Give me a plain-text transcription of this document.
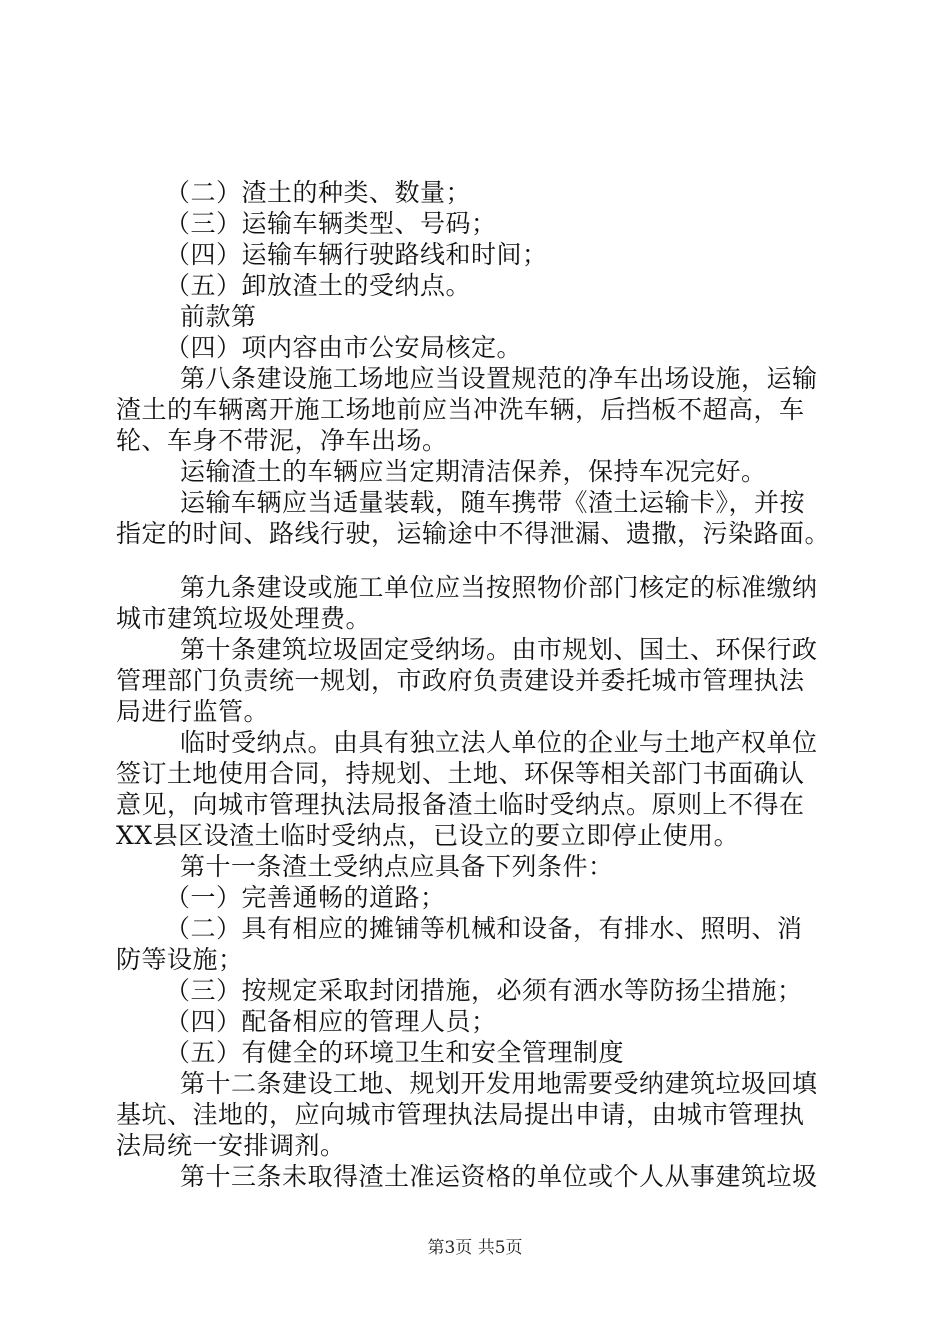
（二）渣土的种类、数量；
（三）运输车辆类型、号码；
（四）运输车辆行驶路线和时间；
（五）卸放渣土的受纳点。
前款第
（四）项内容由市公安局核定。
第八条建设施工场地应当设置规范的净车出场设施，运输
渣土的车辆离开施工场地前应当冲洗车辆，后挡板不超高，车
轮、车身不带泥，净车出场。
运输渣土的车辆应当定期清洁保养，保持车况完好。
运输车辆应当适量装载，随车携带《渣土运输卡》，并按
指定的时间、路线行驶，运输途中不得泄漏、遗撒，污染路面。
第九条建设或施工单位应当按照物价部门核定的标准缴纳
城市建筑垃圾处理费。
第十条建筑垃圾固定受纳场。由市规划、国土、环保行政
管理部门负责统一规划，市政府负责建设并委托城市管理执法
局进行监管。
临时受纳点。由具有独立法人单位的企业与土地产权单位
签订土地使用合同，持规划、土地、环保等相关部门书面确认
意见，向城市管理执法局报备渣土临时受纳点。原则上不得在
XX县区设渣土临时受纳点，已设立的要立即停止使用。
第十一条渣土受纳点应具备下列条件：
（一）完善通畅的道路；
（二）具有相应的摊铺等机械和设备，有排水、照明、消
防等设施；
（三）按规定采取封闭措施，必须有洒水等防扬尘措施；
（四）配备相应的管理人员；
（五）有健全的环境卫生和安全管理制度
第十二条建设工地、规划开发用地需要受纳建筑垃圾回填
基坑、洼地的，应向城市管理执法局提出申请，由城市管理执
法局统一安排调剂。
第十三条未取得渣土准运资格的单位或个人从事建筑垃圾
第3页 共5页
